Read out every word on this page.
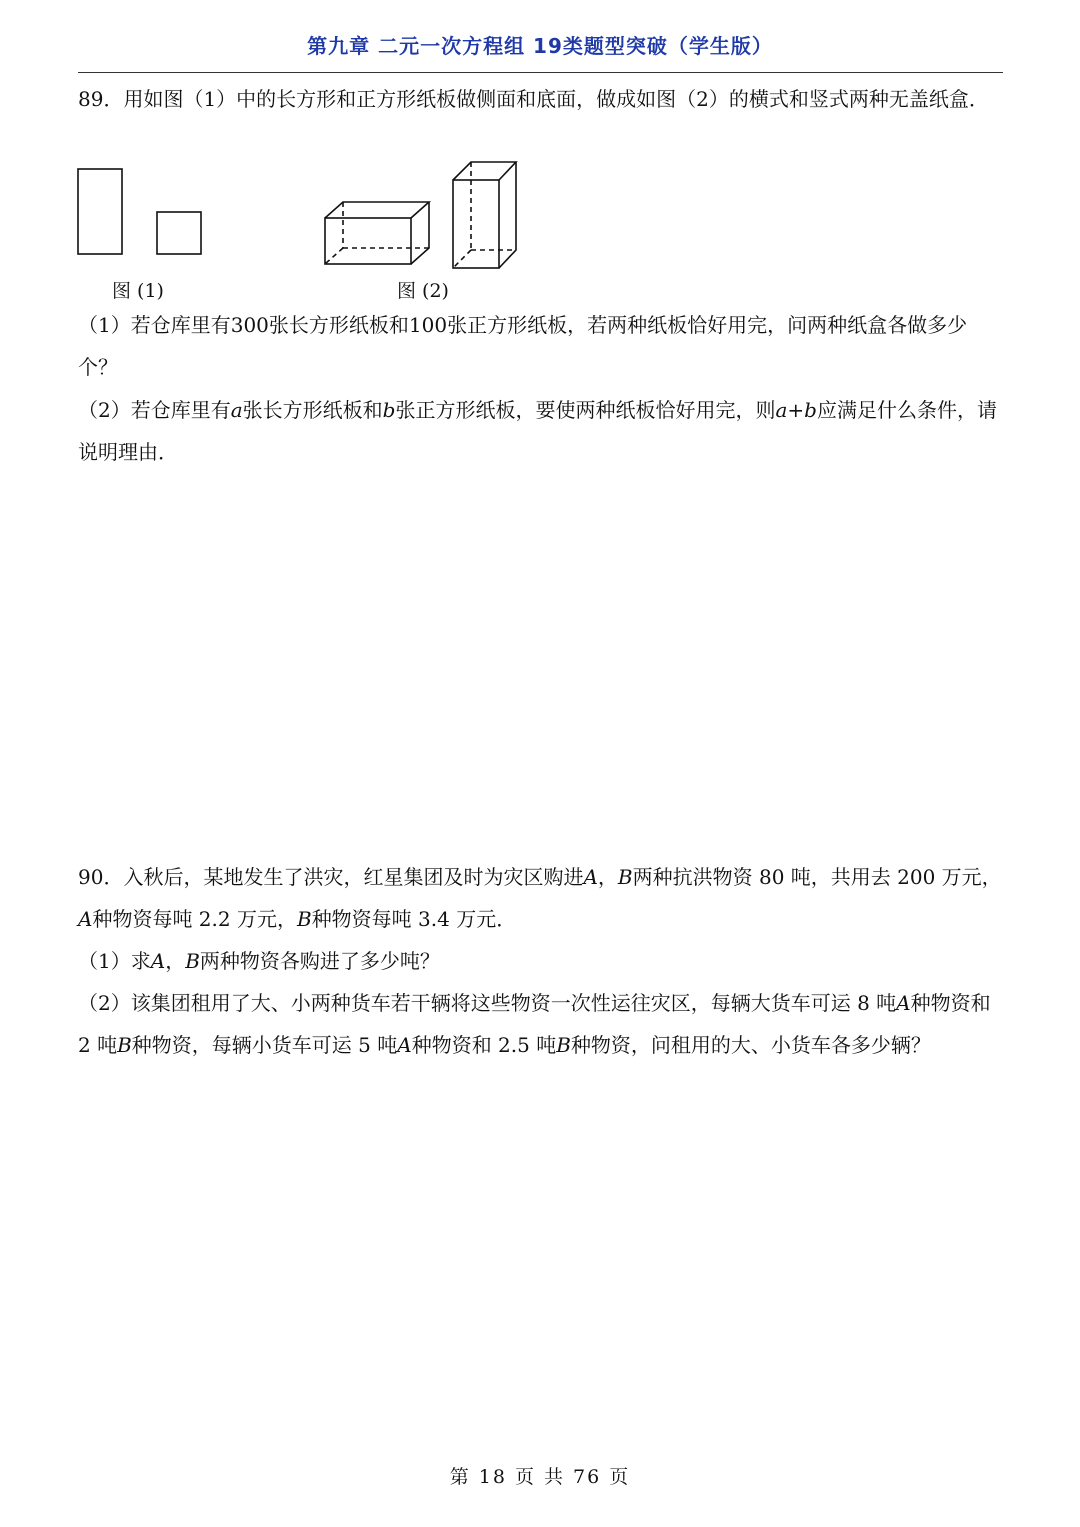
第九章 二元一次方程组 19类题型突破（学生版）

89．用如图（1）中的长方形和正方形纸板做侧面和底面，做成如图（2）的横式和竖式两种无盖纸盒．

图 (1)	图 (2)

（1）若仓库里有300张长方形纸板和100张正方形纸板，若两种纸板恰好用完，问两种纸盒各做多少个？

（2）若仓库里有a张长方形纸板和b张正方形纸板，要使两种纸板恰好用完，则a+b应满足什么条件，请说明理由．

90．入秋后，某地发生了洪灾，红星集团及时为灾区购进A，B两种抗洪物资 80 吨，共用去 200 万元，A种物资每吨 2.2 万元，B种物资每吨 3.4 万元．

（1）求A，B两种物资各购进了多少吨？

（2）该集团租用了大、小两种货车若干辆将这些物资一次性运往灾区，每辆大货车可运 8 吨A种物资和 2 吨B种物资，每辆小货车可运 5 吨A种物资和 2.5 吨B种物资，问租用的大、小货车各多少辆？

第 18 页 共 76 页
